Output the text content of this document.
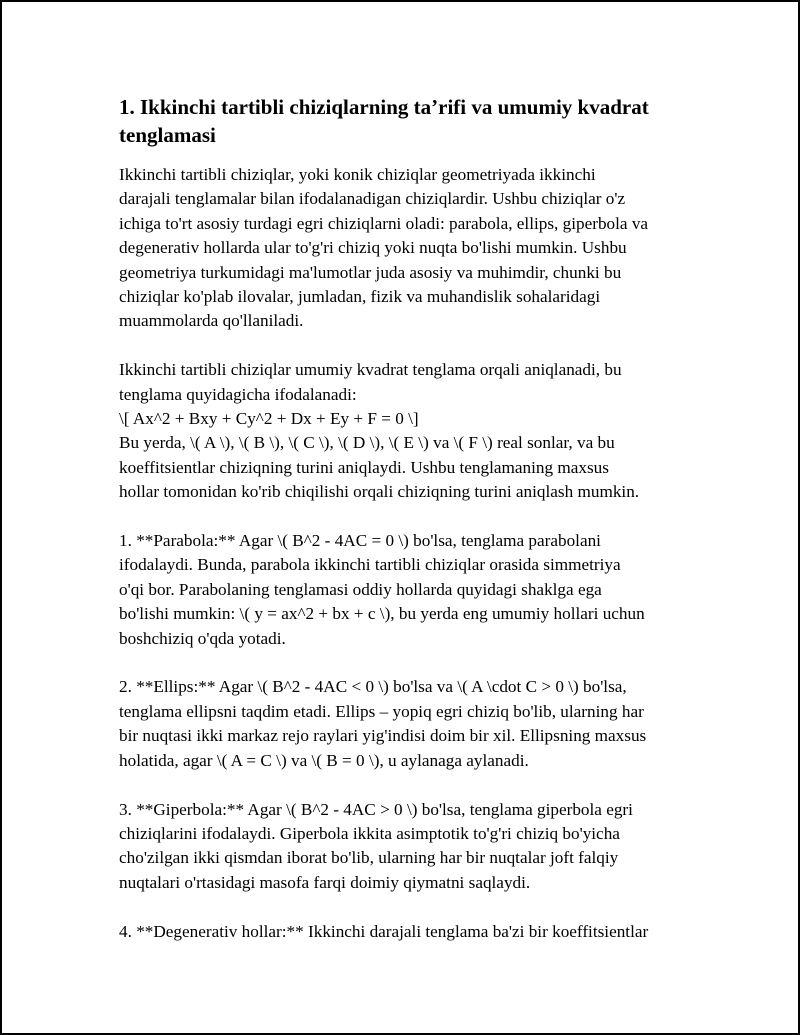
1. Ikkinchi tartibli chiziqlarning ta’rifi va umumiy kvadrat
tenglamasi
Ikkinchi tartibli chiziqlar, yoki konik chiziqlar geometriyada ikkinchi
darajali tenglamalar bilan ifodalanadigan chiziqlardir. Ushbu chiziqlar o'z
ichiga to'rt asosiy turdagi egri chiziqlarni oladi: parabola, ellips, giperbola va
degenerativ hollarda ular to'g'ri chiziq yoki nuqta bo'lishi mumkin. Ushbu
geometriya turkumidagi ma'lumotlar juda asosiy va muhimdir, chunki bu
chiziqlar ko'plab ilovalar, jumladan, fizik va muhandislik sohalaridagi
muammolarda qo'llaniladi.
Ikkinchi tartibli chiziqlar umumiy kvadrat tenglama orqali aniqlanadi, bu
tenglama quyidagicha ifodalanadi:
\[ Ax^2 + Bxy + Cy^2 + Dx + Ey + F = 0 \]
Bu yerda, \( A \), \( B \), \( C \), \( D \), \( E \) va \( F \) real sonlar, va bu
koeffitsientlar chiziqning turini aniqlaydi. Ushbu tenglamaning maxsus
hollar tomonidan ko'rib chiqilishi orqali chiziqning turini aniqlash mumkin.
1. **Parabola:** Agar \( B^2 - 4AC = 0 \) bo'lsa, tenglama parabolani
ifodalaydi. Bunda, parabola ikkinchi tartibli chiziqlar orasida simmetriya
o'qi bor. Parabolaning tenglamasi oddiy hollarda quyidagi shaklga ega
bo'lishi mumkin: \( y = ax^2 + bx + c \), bu yerda eng umumiy hollari uchun
boshchiziq o'qda yotadi.
2. **Ellips:** Agar \( B^2 - 4AC < 0 \) bo'lsa va \( A \cdot C > 0 \) bo'lsa,
tenglama ellipsni taqdim etadi. Ellips – yopiq egri chiziq bo'lib, ularning har
bir nuqtasi ikki markaz rejo raylari yig'indisi doim bir xil. Ellipsning maxsus
holatida, agar \( A = C \) va \( B = 0 \), u aylanaga aylanadi.
3. **Giperbola:** Agar \( B^2 - 4AC > 0 \) bo'lsa, tenglama giperbola egri
chiziqlarini ifodalaydi. Giperbola ikkita asimptotik to'g'ri chiziq bo'yicha
cho'zilgan ikki qismdan iborat bo'lib, ularning har bir nuqtalar joft falqiy
nuqtalari o'rtasidagi masofa farqi doimiy qiymatni saqlaydi.
4. **Degenerativ hollar:** Ikkinchi darajali tenglama ba'zi bir koeffitsientlar
